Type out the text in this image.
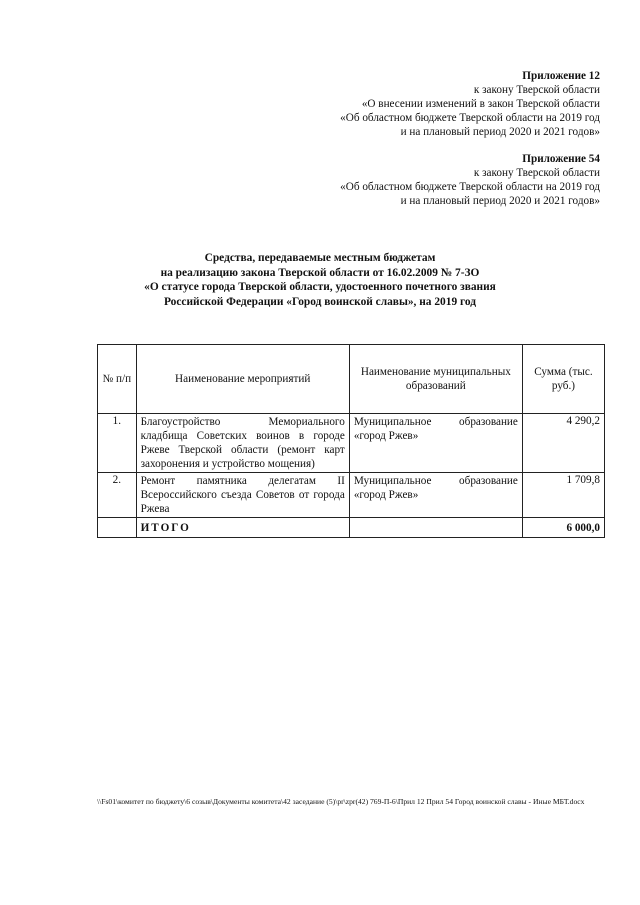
Приложение 12
к закону Тверской области
«О внесении изменений в закон Тверской области
«Об областном бюджете Тверской области на 2019 год
и на плановый период 2020 и 2021 годов»
Приложение 54
к закону Тверской области
«Об областном бюджете Тверской области на 2019 год
и на плановый период 2020 и 2021 годов»
Средства, передаваемые местным бюджетам
на реализацию закона Тверской области от 16.02.2009 № 7-ЗО
«О статусе города Тверской области, удостоенного почетного звания
Российской Федерации «Город воинской славы», на 2019 год
№ п/п	Наименование мероприятий	Наименование муниципальных образований	Сумма (тыс. руб.)
1.	Благоустройство Мемориального кладбища Советских воинов в городе Ржеве Тверской области (ремонт карт захоронения и устройство мощения)	Муниципальное образование «город Ржев»	4 290,2
2.	Ремонт памятника делегатам II Всероссийского съезда Советов от города Ржева	Муниципальное образование «город Ржев»	1 709,8
	ИТОГО		6 000,0
\\Fs01\комитет по бюджету\6 созыв\Документы комитета\42 заседание (5)\pr\zpr(42) 769-П-6\Прил 12 Прил 54 Город воинской славы - Иные МБТ.docx
